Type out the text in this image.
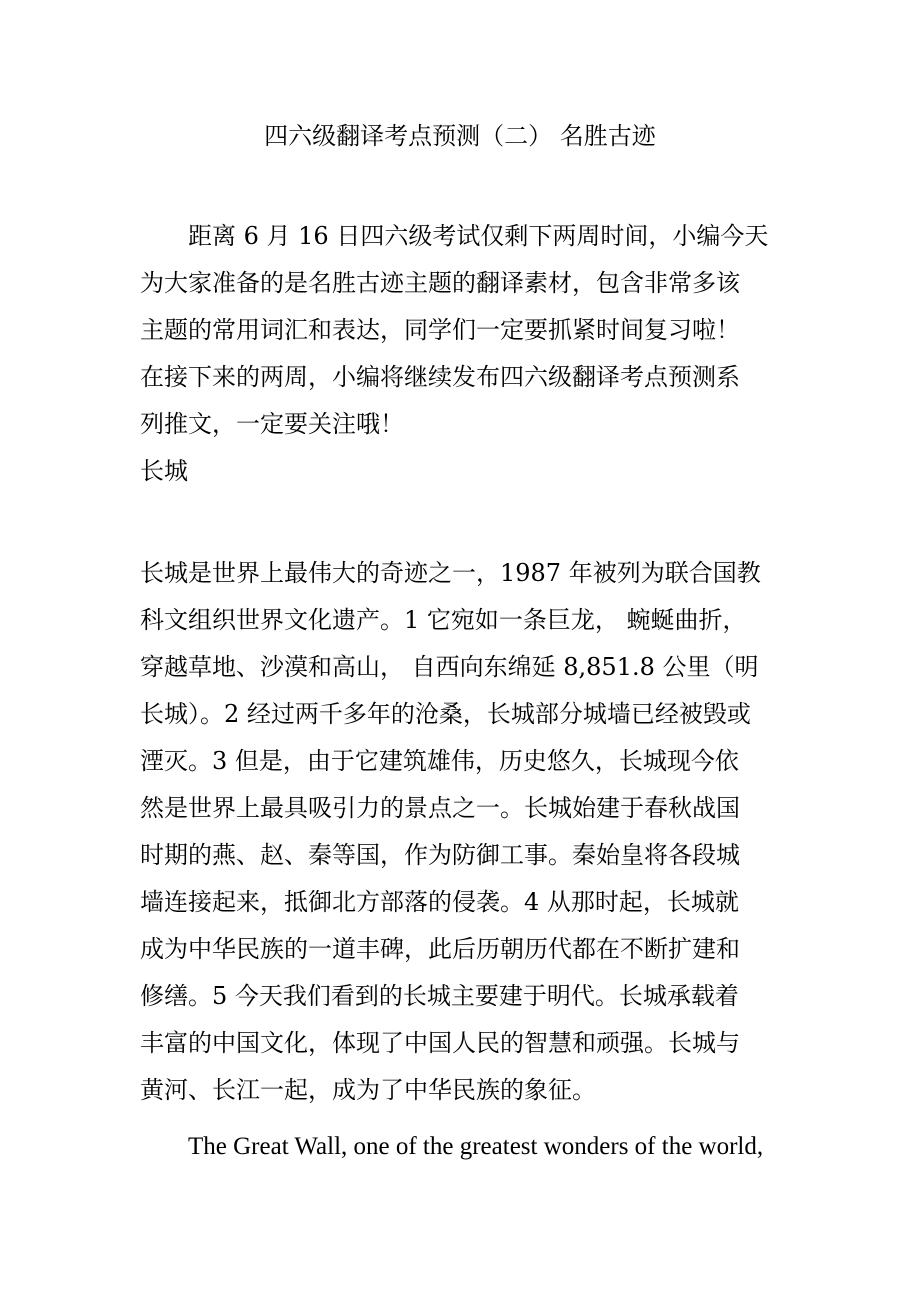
四六级翻译考点预测（二） 名胜古迹
距离 6 月 16 日四六级考试仅剩下两周时间，小编今天
为大家准备的是名胜古迹主题的翻译素材，包含非常多该
主题的常用词汇和表达，同学们一定要抓紧时间复习啦！
在接下来的两周，小编将继续发布四六级翻译考点预测系
列推文，一定要关注哦！
长城
长城是世界上最伟大的奇迹之一，1987 年被列为联合国教
科文组织世界文化遗产。1 它宛如一条巨龙， 蜿蜒曲折，
穿越草地、沙漠和高山， 自西向东绵延 8,851.8 公里（明
长城）。2 经过两千多年的沧桑，长城部分城墙已经被毁或
湮灭。3 但是，由于它建筑雄伟，历史悠久，长城现今依
然是世界上最具吸引力的景点之一。长城始建于春秋战国
时期的燕、赵、秦等国，作为防御工事。秦始皇将各段城
墙连接起来，抵御北方部落的侵袭。4 从那时起，长城就
成为中华民族的一道丰碑，此后历朝历代都在不断扩建和
修缮。5 今天我们看到的长城主要建于明代。长城承载着
丰富的中国文化，体现了中国人民的智慧和顽强。长城与
黄河、长江一起，成为了中华民族的象征。
The Great Wall, one of the greatest wonders of the world,
